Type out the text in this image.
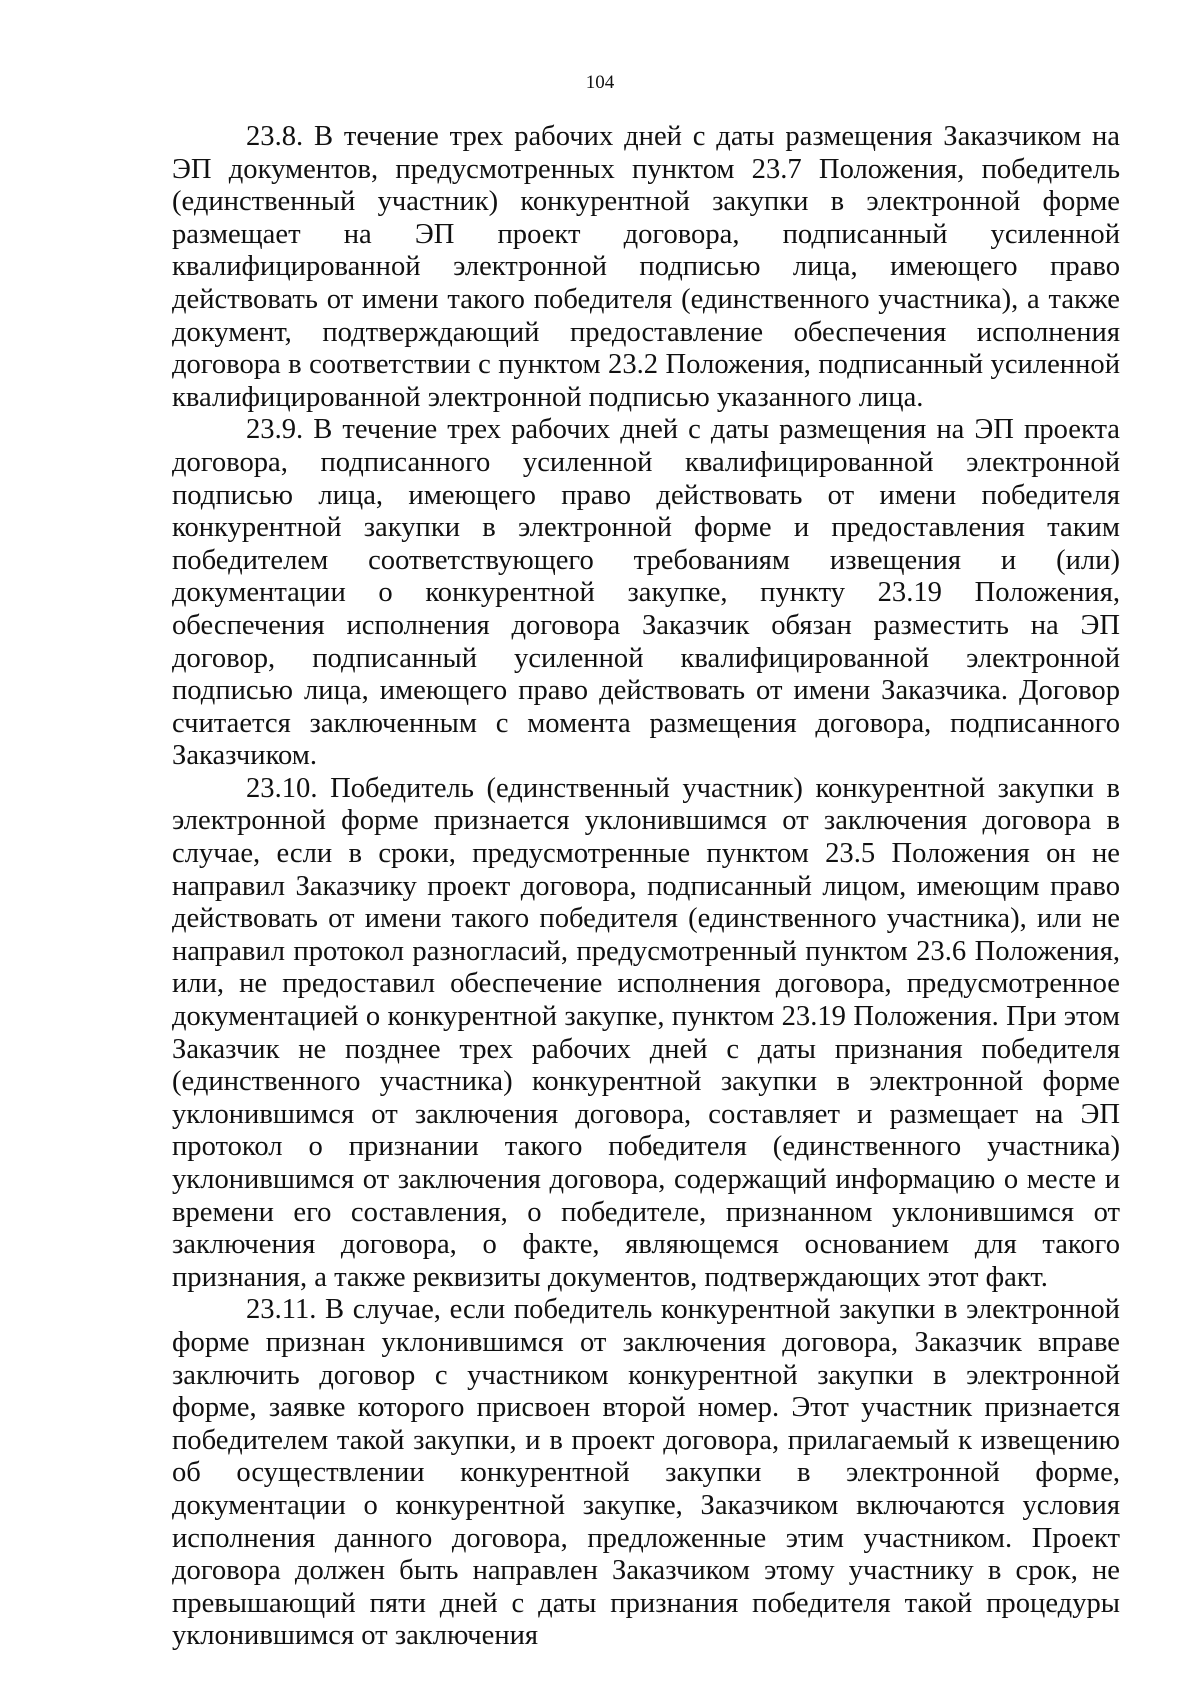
104

23.8. В течение трех рабочих дней с даты размещения Заказчиком на ЭП документов, предусмотренных пунктом 23.7 Положения, победитель (единственный участник) конкурентной закупки в электронной форме размещает на ЭП проект договора, подписанный усиленной квалифицированной электронной подписью лица, имеющего право действовать от имени такого победителя (единственного участника), а также документ, подтверждающий предоставление обеспечения исполнения договора в соответствии с пунктом 23.2 Положения, подписанный усиленной квалифицированной электронной подписью указанного лица.

23.9. В течение трех рабочих дней с даты размещения на ЭП проекта договора, подписанного усиленной квалифицированной электронной подписью лица, имеющего право действовать от имени победителя конкурентной закупки в электронной форме и предоставления таким победителем соответствующего требованиям извещения и (или) документации о конкурентной закупке, пункту 23.19 Положения, обеспечения исполнения договора Заказчик обязан разместить на ЭП договор, подписанный усиленной квалифицированной электронной подписью лица, имеющего право действовать от имени Заказчика. Договор считается заключенным с момента размещения договора, подписанного Заказчиком.

23.10. Победитель (единственный участник) конкурентной закупки в электронной форме признается уклонившимся от заключения договора в случае, если в сроки, предусмотренные пунктом 23.5 Положения он не направил Заказчику проект договора, подписанный лицом, имеющим право действовать от имени такого победителя (единственного участника), или не направил протокол разногласий, предусмотренный пунктом 23.6 Положения, или, не предоставил обеспечение исполнения договора, предусмотренное документацией о конкурентной закупке, пунктом 23.19 Положения. При этом Заказчик не позднее трех рабочих дней с даты признания победителя (единственного участника) конкурентной закупки в электронной форме уклонившимся от заключения договора, составляет и размещает на ЭП протокол о признании такого победителя (единственного участника) уклонившимся от заключения договора, содержащий информацию о месте и времени его составления, о победителе, признанном уклонившимся от заключения договора, о факте, являющемся основанием для такого признания, а также реквизиты документов, подтверждающих этот факт.

23.11. В случае, если победитель конкурентной закупки в электронной форме признан уклонившимся от заключения договора, Заказчик вправе заключить договор с участником конкурентной закупки в электронной форме, заявке которого присвоен второй номер. Этот участник признается победителем такой закупки, и в проект договора, прилагаемый к извещению об осуществлении конкурентной закупки в электронной форме, документации о конкурентной закупке, Заказчиком включаются условия исполнения данного договора, предложенные этим участником. Проект договора должен быть направлен Заказчиком этому участнику в срок, не превышающий пяти дней с даты признания победителя такой процедуры уклонившимся от заключения
